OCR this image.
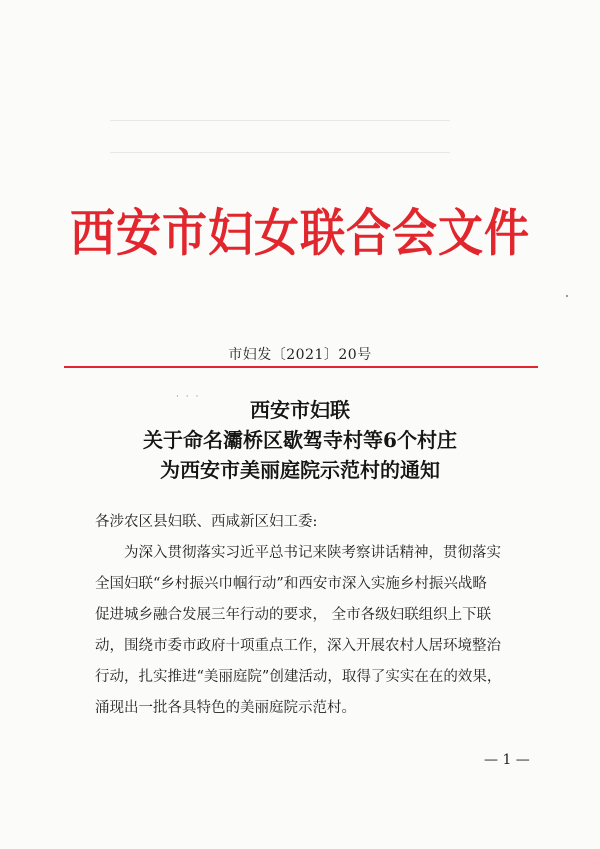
西安市妇女联合会文件
市妇发〔2021〕20号
· · ·
西安市妇联
关于命名灞桥区歇驾寺村等6个村庄
为西安市美丽庭院示范村的通知
各涉农区县妇联、西咸新区妇工委:
为深入贯彻落实习近平总书记来陕考察讲话精神，贯彻落实
全国妇联“乡村振兴巾帼行动”和西安市深入实施乡村振兴战略
促进城乡融合发展三年行动的要求， 全市各级妇联组织上下联
动，围绕市委市政府十项重点工作，深入开展农村人居环境整治
行动，扎实推进“美丽庭院”创建活动，取得了实实在在的效果，
涌现出一批各具特色的美丽庭院示范村。
— 1 —
